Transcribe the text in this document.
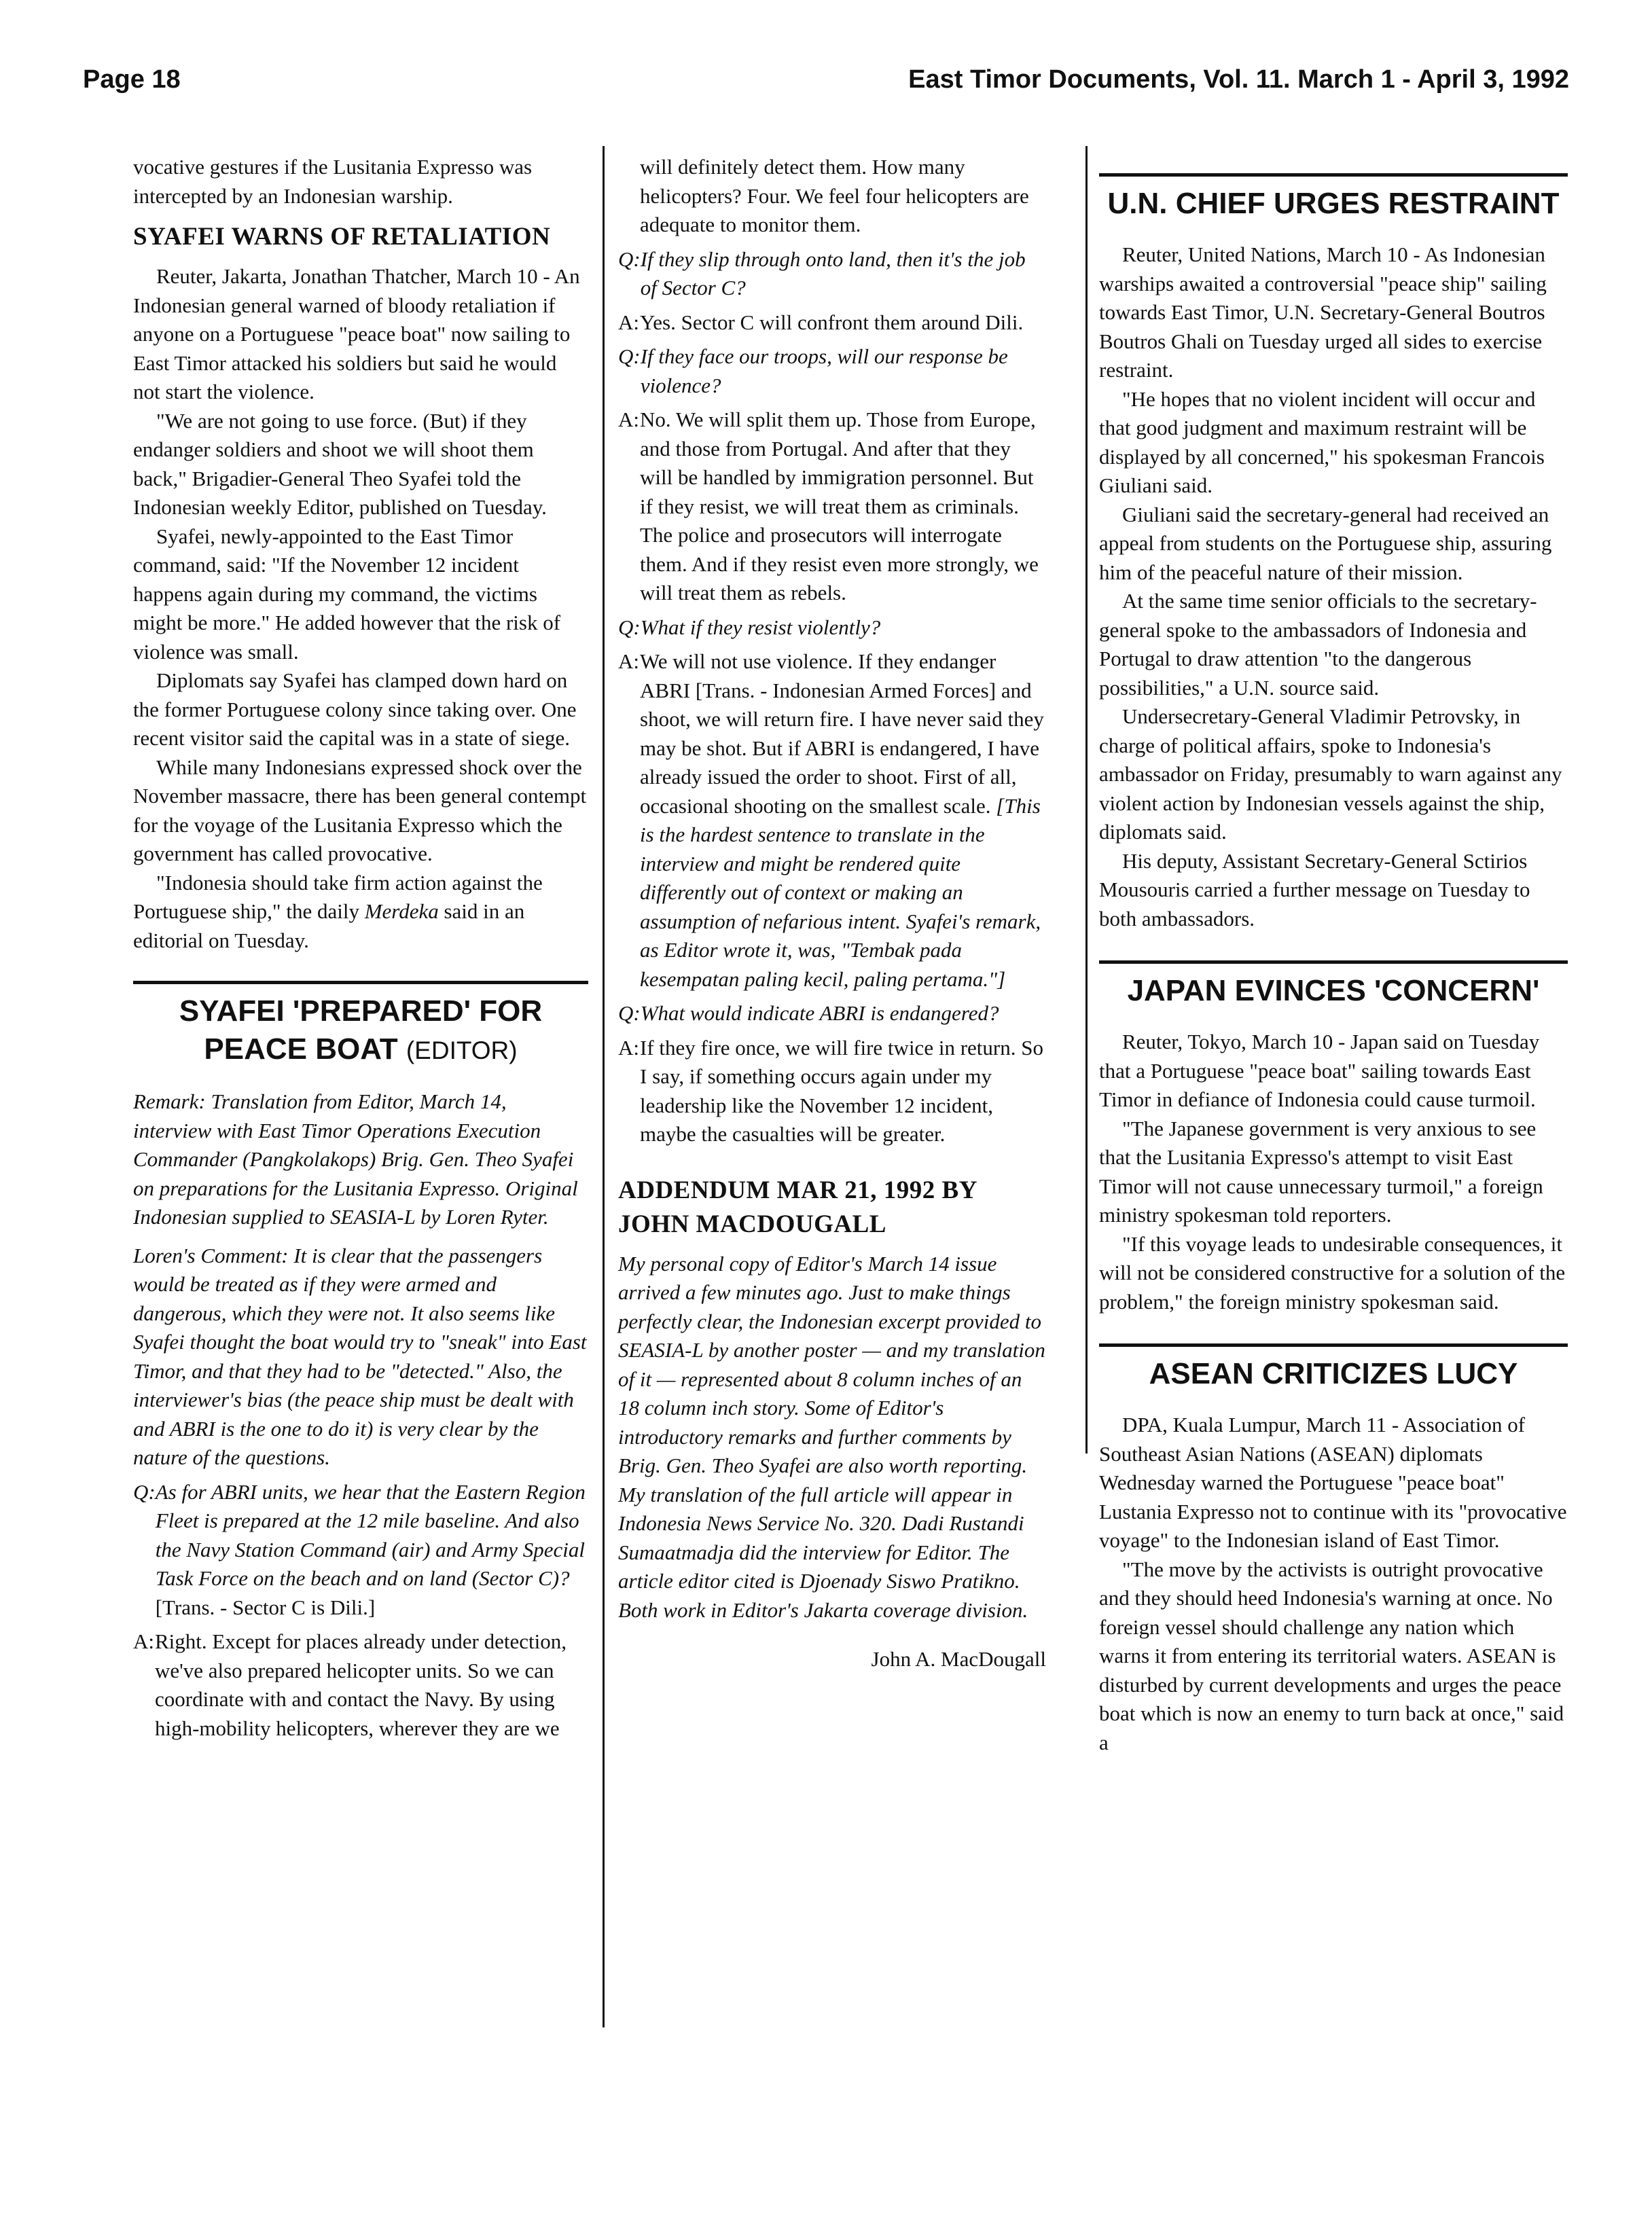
Page 18	East Timor Documents, Vol. 11. March 1 - April 3, 1992

vocative gestures if the Lusitania Expresso was intercepted by an Indonesian warship.

SYAFEI WARNS OF RETALIATION

Reuter, Jakarta, Jonathan Thatcher, March 10 - An Indonesian general warned of bloody retaliation if anyone on a Portuguese "peace boat" now sailing to East Timor attacked his soldiers but said he would not start the violence.

"We are not going to use force. (But) if they endanger soldiers and shoot we will shoot them back," Brigadier-General Theo Syafei told the Indonesian weekly Editor, published on Tuesday.

Syafei, newly-appointed to the East Timor command, said: "If the November 12 incident happens again during my command, the victims might be more." He added however that the risk of violence was small.

Diplomats say Syafei has clamped down hard on the former Portuguese colony since taking over. One recent visitor said the capital was in a state of siege.

While many Indonesians expressed shock over the November massacre, there has been general contempt for the voyage of the Lusitania Expresso which the government has called provocative.

"Indonesia should take firm action against the Portuguese ship," the daily Merdeka said in an editorial on Tuesday.

SYAFEI 'PREPARED' FOR PEACE BOAT (EDITOR)

Remark: Translation from Editor, March 14, interview with East Timor Operations Execution Commander (Pangkolakops) Brig. Gen. Theo Syafei on preparations for the Lusitania Expresso. Original Indonesian supplied to SEASIA-L by Loren Ryter.

Loren's Comment: It is clear that the passengers would be treated as if they were armed and dangerous, which they were not. It also seems like Syafei thought the boat would try to "sneak" into East Timor, and that they had to be "detected." Also, the interviewer's bias (the peace ship must be dealt with and ABRI is the one to do it) is very clear by the nature of the questions.

Q: As for ABRI units, we hear that the Eastern Region Fleet is prepared at the 12 mile baseline. And also the Navy Station Command (air) and Army Special Task Force on the beach and on land (Sector C)? [Trans. - Sector C is Dili.]

A: Right. Except for places already under detection, we've also prepared helicopter units. So we can coordinate with and contact the Navy. By using high-mobility helicopters, wherever they are we

will definitely detect them. How many helicopters? Four. We feel four helicopters are adequate to monitor them.

Q: If they slip through onto land, then it's the job of Sector C?

A: Yes. Sector C will confront them around Dili.

Q: If they face our troops, will our response be violence?

A: No. We will split them up. Those from Europe, and those from Portugal. And after that they will be handled by immigration personnel. But if they resist, we will treat them as criminals. The police and prosecutors will interrogate them. And if they resist even more strongly, we will treat them as rebels.

Q: What if they resist violently?

A: We will not use violence. If they endanger ABRI [Trans. - Indonesian Armed Forces] and shoot, we will return fire. I have never said they may be shot. But if ABRI is endangered, I have already issued the order to shoot. First of all, occasional shooting on the smallest scale. [This is the hardest sentence to translate in the interview and might be rendered quite differently out of context or making an assumption of nefarious intent. Syafei's remark, as Editor wrote it, was, "Tembak pada kesempatan paling kecil, paling pertama."]

Q: What would indicate ABRI is endangered?

A: If they fire once, we will fire twice in return. So I say, if something occurs again under my leadership like the November 12 incident, maybe the casualties will be greater.

ADDENDUM MAR 21, 1992 BY JOHN MACDOUGALL

My personal copy of Editor's March 14 issue arrived a few minutes ago. Just to make things perfectly clear, the Indonesian excerpt provided to SEASIA-L by another poster — and my translation of it — represented about 8 column inches of an 18 column inch story. Some of Editor's introductory remarks and further comments by Brig. Gen. Theo Syafei are also worth reporting. My translation of the full article will appear in Indonesia News Service No. 320. Dadi Rustandi Sumaatmadja did the interview for Editor. The article editor cited is Djoenady Siswo Pratikno. Both work in Editor's Jakarta coverage division.

John A. MacDougall

U.N. CHIEF URGES RESTRAINT

Reuter, United Nations, March 10 - As Indonesian warships awaited a controversial "peace ship" sailing towards East Timor, U.N. Secretary-General Boutros Boutros Ghali on Tuesday urged all sides to exercise restraint.

"He hopes that no violent incident will occur and that good judgment and maximum restraint will be displayed by all concerned," his spokesman Francois Giuliani said.

Giuliani said the secretary-general had received an appeal from students on the Portuguese ship, assuring him of the peaceful nature of their mission.

At the same time senior officials to the secretary-general spoke to the ambassadors of Indonesia and Portugal to draw attention "to the dangerous possibilities," a U.N. source said.

Undersecretary-General Vladimir Petrovsky, in charge of political affairs, spoke to Indonesia's ambassador on Friday, presumably to warn against any violent action by Indonesian vessels against the ship, diplomats said.

His deputy, Assistant Secretary-General Sctirios Mousouris carried a further message on Tuesday to both ambassadors.

JAPAN EVINCES 'CONCERN'

Reuter, Tokyo, March 10 - Japan said on Tuesday that a Portuguese "peace boat" sailing towards East Timor in defiance of Indonesia could cause turmoil.

"The Japanese government is very anxious to see that the Lusitania Expresso's attempt to visit East Timor will not cause unnecessary turmoil," a foreign ministry spokesman told reporters.

"If this voyage leads to undesirable consequences, it will not be considered constructive for a solution of the problem," the foreign ministry spokesman said.

ASEAN CRITICIZES LUCY

DPA, Kuala Lumpur, March 11 - Association of Southeast Asian Nations (ASEAN) diplomats Wednesday warned the Portuguese "peace boat" Lustania Expresso not to continue with its "provocative voyage" to the Indonesian island of East Timor.

"The move by the activists is outright provocative and they should heed Indonesia's warning at once. No foreign vessel should challenge any nation which warns it from entering its territorial waters. ASEAN is disturbed by current developments and urges the peace boat which is now an enemy to turn back at once," said a
